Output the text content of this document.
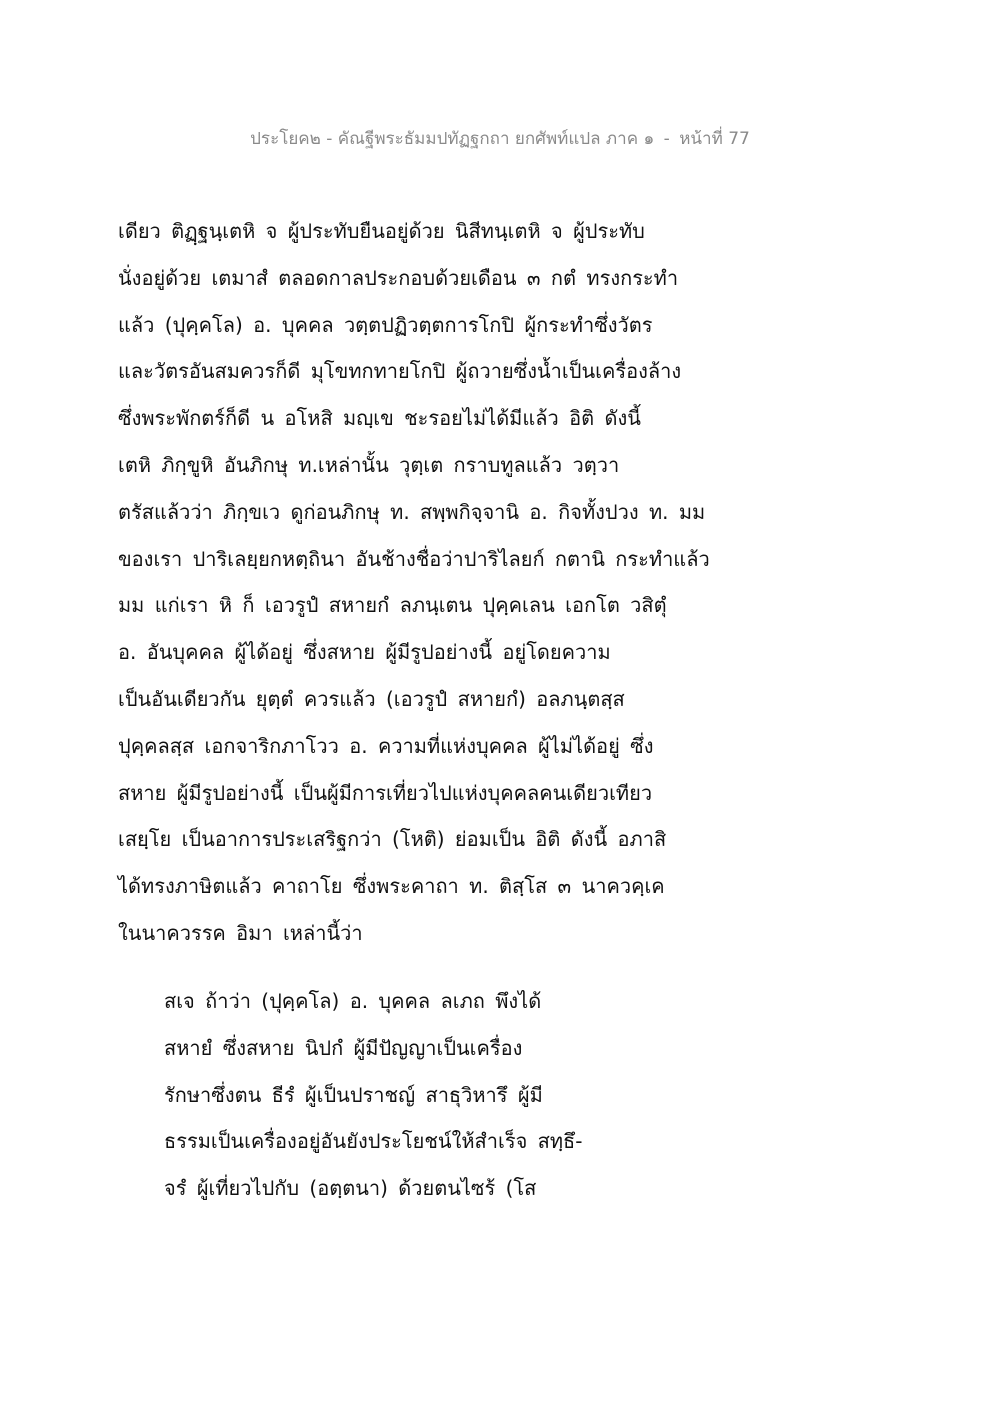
ประโยค๒ - คัณฐีพระธัมมปทัฏฐกถา ยกศัพท์แปล ภาค ๑ - หน้าที่ 77
เดียว ติฏฺฐนฺเตหิ จ ผู้ประทับยืนอยู่ด้วย นิสีทนฺเตหิ จ ผู้ประทับ
นั่งอยู่ด้วย เตมาสํ ตลอดกาลประกอบด้วยเดือน ๓ กตํ ทรงกระทำ
แล้ว (ปุคฺคโล) อ. บุคคล วตฺตปฏิวตฺตการโกปิ ผู้กระทำซึ่งวัตร
และวัตรอันสมควรก็ดี มุโขทกทายโกปิ ผู้ถวายซึ่งน้ำเป็นเครื่องล้าง
ซึ่งพระพักตร์ก็ดี น อโหสิ มญฺเข ชะรอยไม่ได้มีแล้ว อิติ ดังนี้
เตหิ ภิกฺขูหิ อันภิกษุ ท.เหล่านั้น วุตฺเต กราบทูลแล้ว วตฺวา
ตรัสแล้วว่า ภิกฺขเว ดูก่อนภิกษุ ท. สพฺพกิจฺจานิ อ. กิจทั้งปวง ท. มม
ของเรา ปาริเลยฺยกหตฺถินา อันช้างชื่อว่าปาริไลยก์ กตานิ กระทำแล้ว
มม แก่เรา หิ ก็ เอวรูปํ สหายกํ ลภนฺเตน ปุคฺคเลน เอกโต วสิตุํ
อ. อันบุคคล ผู้ได้อยู่ ซึ่งสหาย ผู้มีรูปอย่างนี้ อยู่โดยความ
เป็นอันเดียวกัน ยุตฺตํ ควรแล้ว (เอวรูปํ สหายกํ) อลภนฺตสฺส
ปุคฺคลสฺส เอกจาริกภาโวว อ. ความที่แห่งบุคคล ผู้ไม่ได้อยู่ ซึ่ง
สหาย ผู้มีรูปอย่างนี้ เป็นผู้มีการเที่ยวไปแห่งบุคคลคนเดียวเทียว
เสยฺโย เป็นอาการประเสริฐกว่า (โหติ) ย่อมเป็น อิติ ดังนี้ อภาสิ
ได้ทรงภาษิตแล้ว คาถาโย ซึ่งพระคาถา ท. ติสฺโส ๓ นาควคฺเค
ในนาควรรค อิมา เหล่านี้ว่า
สเจ ถ้าว่า (ปุคฺคโล) อ. บุคคล ลเภถ พึงได้
สหายํ ซึ่งสหาย นิปกํ ผู้มีปัญญาเป็นเครื่อง
รักษาซึ่งตน ธีรํ ผู้เป็นปราชญ์ สาธุวิหารึ ผู้มี
ธรรมเป็นเครื่องอยู่อันยังประโยชน์ให้สำเร็จ สทฺธึ-
จรํ ผู้เที่ยวไปกับ (อตฺตนา) ด้วยตนไซร้ (โส
